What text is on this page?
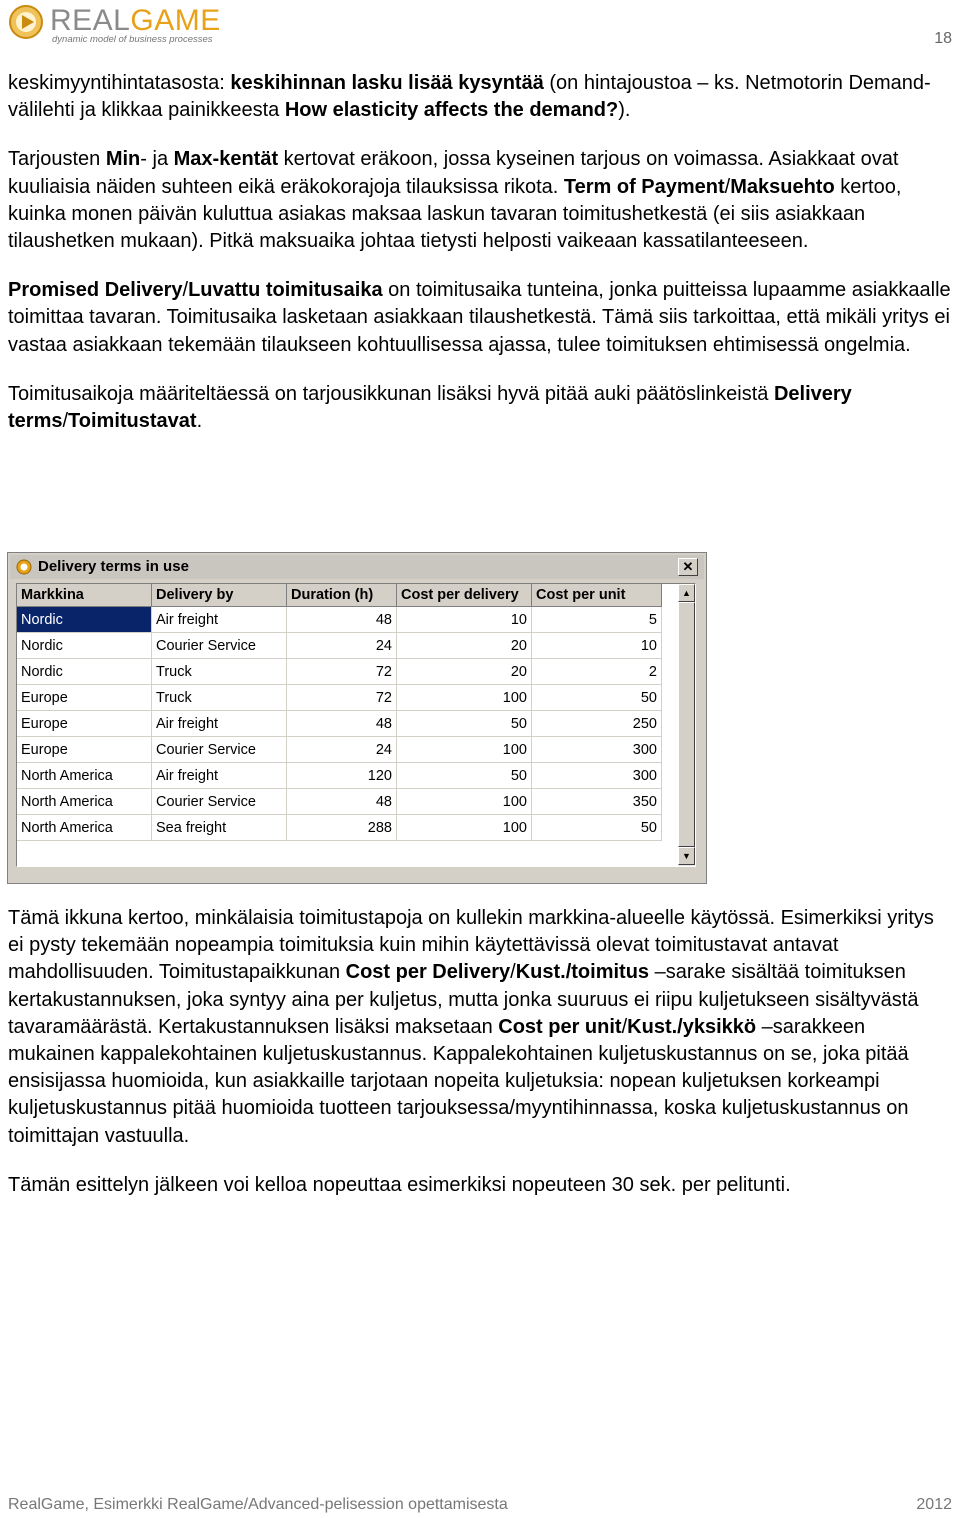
REALGAME
dynamic model of business processes	18

keskimyyntihintatasosta: keskihinnan lasku lisää kysyntää (on hintajoustoa – ks. Netmotorin Demand-välilehti ja klikkaa painikkeesta How elasticity affects the demand?).

Tarjousten Min- ja Max-kentät kertovat eräkoon, jossa kyseinen tarjous on voimassa. Asiakkaat ovat kuuliaisia näiden suhteen eikä eräkokorajoja tilauksissa rikota. Term of Payment/Maksuehto kertoo, kuinka monen päivän kuluttua asiakas maksaa laskun tavaran toimitushetkestä (ei siis asiakkaan tilaushetken mukaan). Pitkä maksuaika johtaa tietysti helposti vaikeaan kassatilanteeseen.

Promised Delivery/Luvattu toimitusaika on toimitusaika tunteina, jonka puitteissa lupaamme asiakkaalle toimittaa tavaran. Toimitusaika lasketaan asiakkaan tilaushetkestä. Tämä siis tarkoittaa, että mikäli yritys ei vastaa asiakkaan tekemään tilaukseen kohtuullisessa ajassa, tulee toimituksen ehtimisessä ongelmia.

Toimitusaikoja määriteltäessä on tarjousikkunan lisäksi hyvä pitää auki päätöslinkeistä Delivery terms/Toimitustavat.

Delivery terms in use	✕
Markkina	Delivery by	Duration (h)	Cost per delivery	Cost per unit
Nordic	Air freight	48	10	5
Nordic	Courier Service	24	20	10
Nordic	Truck	72	20	2
Europe	Truck	72	100	50
Europe	Air freight	48	50	250
Europe	Courier Service	24	100	300
North America	Air freight	120	50	300
North America	Courier Service	48	100	350
North America	Sea freight	288	100	50
▲
▼

Tämä ikkuna kertoo, minkälaisia toimitustapoja on kullekin markkina-alueelle käytössä. Esimerkiksi yritys ei pysty tekemään nopeampia toimituksia kuin mihin käytettävissä olevat toimitustavat antavat mahdollisuuden. Toimitustapaikkunan Cost per Delivery/Kust./toimitus –sarake sisältää toimituksen kertakustannuksen, joka syntyy aina per kuljetus, mutta jonka suuruus ei riipu kuljetukseen sisältyvästä tavaramäärästä. Kertakustannuksen lisäksi maksetaan Cost per unit/Kust./yksikkö –sarakkeen mukainen kappalekohtainen kuljetuskustannus. Kappalekohtainen kuljetuskustannus on se, joka pitää ensisijassa huomioida, kun asiakkaille tarjotaan nopeita kuljetuksia: nopean kuljetuksen korkeampi kuljetuskustannus pitää huomioida tuotteen tarjouksessa/myyntihinnassa, koska kuljetuskustannus on toimittajan vastuulla.

Tämän esittelyn jälkeen voi kelloa nopeuttaa esimerkiksi nopeuteen 30 sek. per pelitunti.

RealGame, Esimerkki RealGame/Advanced-pelisession opettamisesta	2012
